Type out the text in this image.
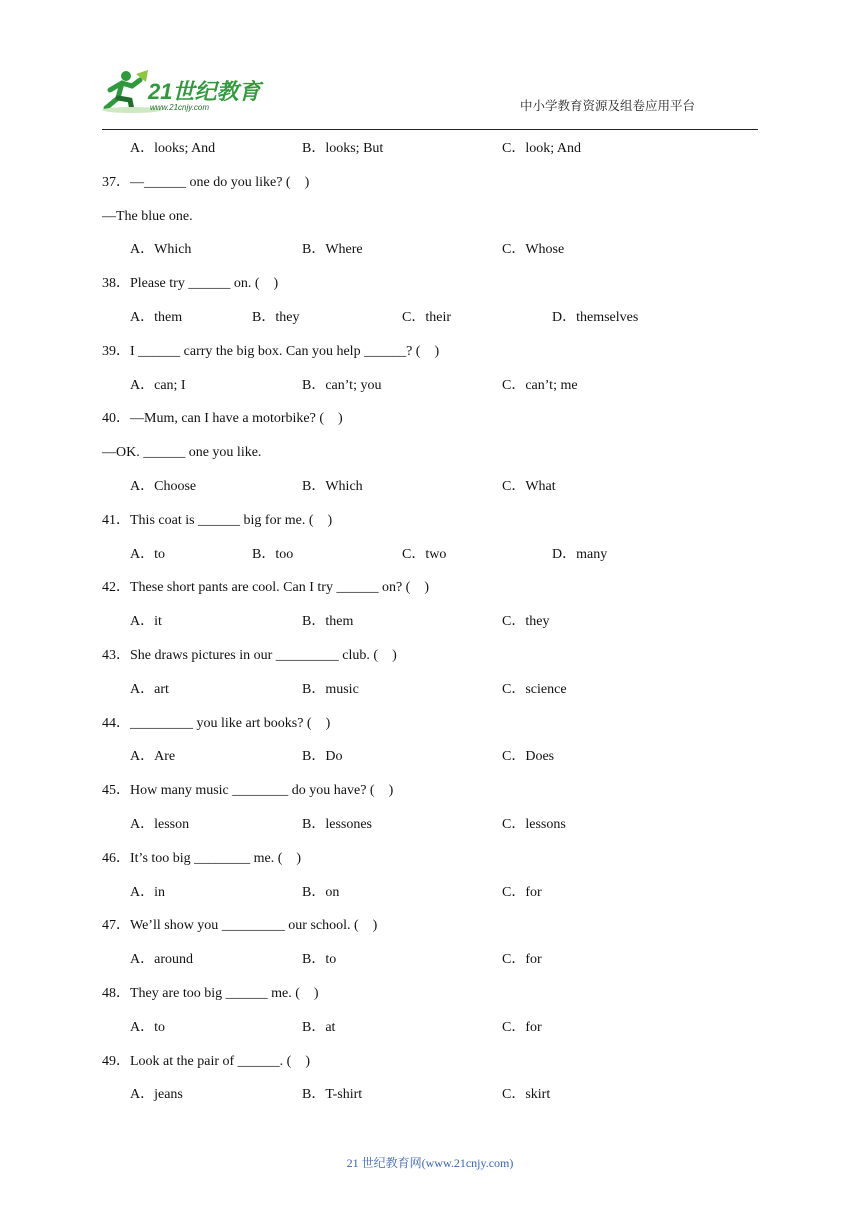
21世纪教育
www.21cnjy.com	中小学教育资源及组卷应用平台
A．looks; And	B．looks; But	C．look; And
37．—______ one do you like? (　)
—The blue one.
A．Which	B．Where	C．Whose
38．Please try ______ on. (　)
A．them	B．they	C．their	D．themselves
39．I ______ carry the big box. Can you help ______? (　)
A．can; I	B．can’t; you	C．can’t; me
40．—Mum, can I have a motorbike? (　)
—OK. ______ one you like.
A．Choose	B．Which	C．What
41．This coat is ______ big for me. (　)
A．to	B．too	C．two	D．many
42．These short pants are cool. Can I try ______ on? (　)
A．it	B．them	C．they
43．She draws pictures in our _________ club. (　)
A．art	B．music	C．science
44．_________ you like art books? (　)
A．Are	B．Do	C．Does
45．How many music ________ do you have? (　)
A．lesson	B．lessones	C．lessons
46．It’s too big ________ me. (　)
A．in	B．on	C．for
47．We’ll show you _________ our school. (　)
A．around	B．to	C．for
48．They are too big ______ me. (　)
A．to	B．at	C．for
49．Look at the pair of ______. (　)
A．jeans	B．T-shirt	C．skirt
21 世纪教育网(www.21cnjy.com)
